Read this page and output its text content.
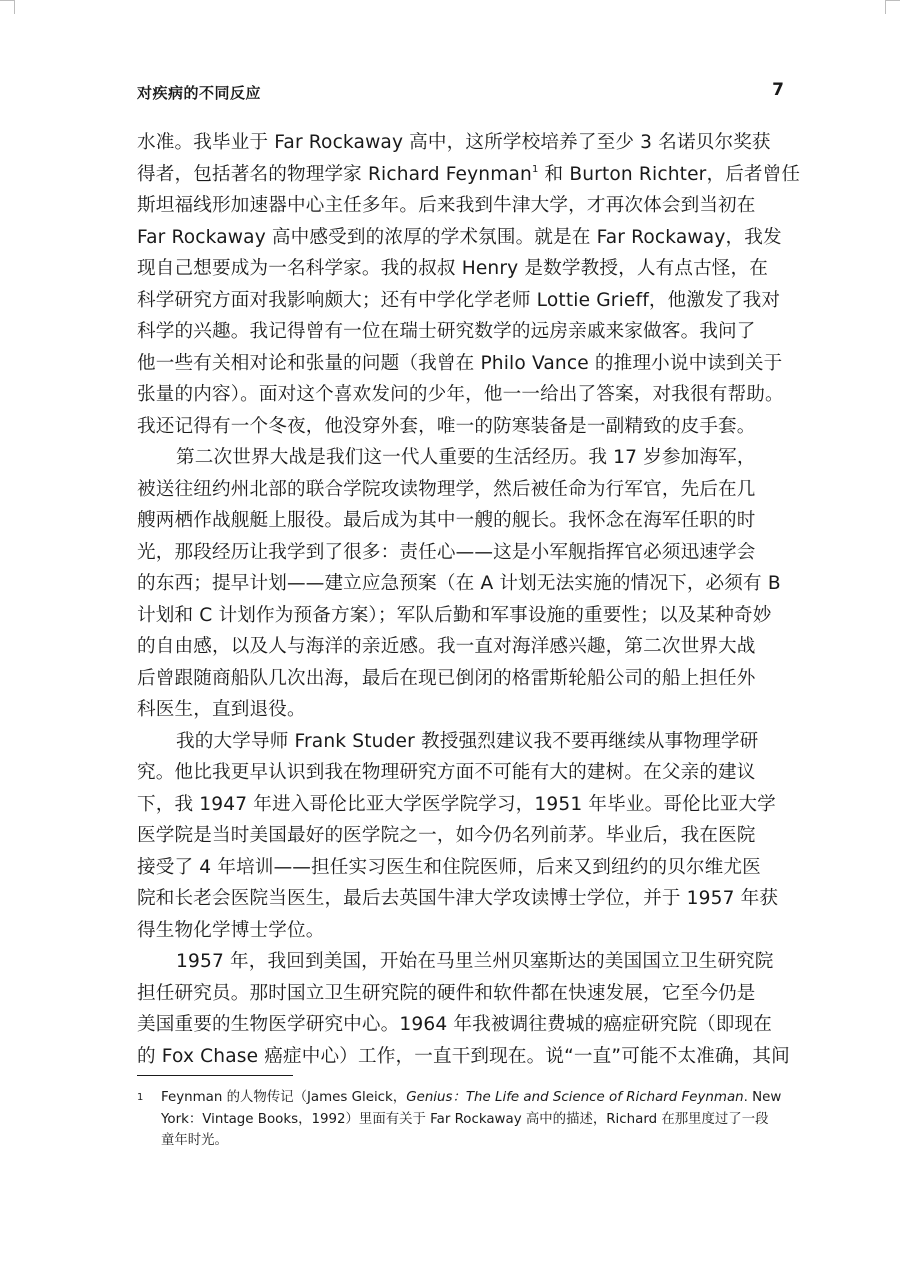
对疾病的不同反应	7
水准。我毕业于 Far Rockaway 高中，这所学校培养了至少 3 名诺贝尔奖获
得者，包括著名的物理学家 Richard Feynman$^1$ 和 Burton Richter，后者曾任
斯坦福线形加速器中心主任多年。后来我到牛津大学，才再次体会到当初在
Far Rockaway 高中感受到的浓厚的学术氛围。就是在 Far Rockaway，我发
现自己想要成为一名科学家。我的叔叔 Henry 是数学教授，人有点古怪，在
科学研究方面对我影响颇大；还有中学化学老师 Lottie Grieff，他激发了我对
科学的兴趣。我记得曾有一位在瑞士研究数学的远房亲戚来家做客。我问了
他一些有关相对论和张量的问题（我曾在 Philo Vance 的推理小说中读到关于
张量的内容）。面对这个喜欢发问的少年，他一一给出了答案，对我很有帮助。
我还记得有一个冬夜，他没穿外套，唯一的防寒装备是一副精致的皮手套。
第二次世界大战是我们这一代人重要的生活经历。我 17 岁参加海军，
被送往纽约州北部的联合学院攻读物理学，然后被任命为行军官，先后在几
艘两栖作战舰艇上服役。最后成为其中一艘的舰长。我怀念在海军任职的时
光，那段经历让我学到了很多：责任心——这是小军舰指挥官必须迅速学会
的东西；提早计划——建立应急预案（在 A 计划无法实施的情况下，必须有 B
计划和 C 计划作为预备方案）；军队后勤和军事设施的重要性；以及某种奇妙
的自由感，以及人与海洋的亲近感。我一直对海洋感兴趣，第二次世界大战
后曾跟随商船队几次出海，最后在现已倒闭的格雷斯轮船公司的船上担任外
科医生，直到退役。
我的大学导师 Frank Studer 教授强烈建议我不要再继续从事物理学研
究。他比我更早认识到我在物理研究方面不可能有大的建树。在父亲的建议
下，我 1947 年进入哥伦比亚大学医学院学习，1951 年毕业。哥伦比亚大学
医学院是当时美国最好的医学院之一，如今仍名列前茅。毕业后，我在医院
接受了 4 年培训——担任实习医生和住院医师，后来又到纽约的贝尔维尤医
院和长老会医院当医生，最后去英国牛津大学攻读博士学位，并于 1957 年获
得生物化学博士学位。
1957 年，我回到美国，开始在马里兰州贝塞斯达的美国国立卫生研究院
担任研究员。那时国立卫生研究院的硬件和软件都在快速发展，它至今仍是
美国重要的生物医学研究中心。1964 年我被调往费城的癌症研究院（即现在
的 Fox Chase 癌症中心）工作，一直干到现在。说“一直”可能不太准确，其间
1	Feynman 的人物传记（James Gleick，Genius：The Life and Science of Richard Feynman. New
York：Vintage Books，1992）里面有关于 Far Rockaway 高中的描述，Richard 在那里度过了一段
童年时光。
